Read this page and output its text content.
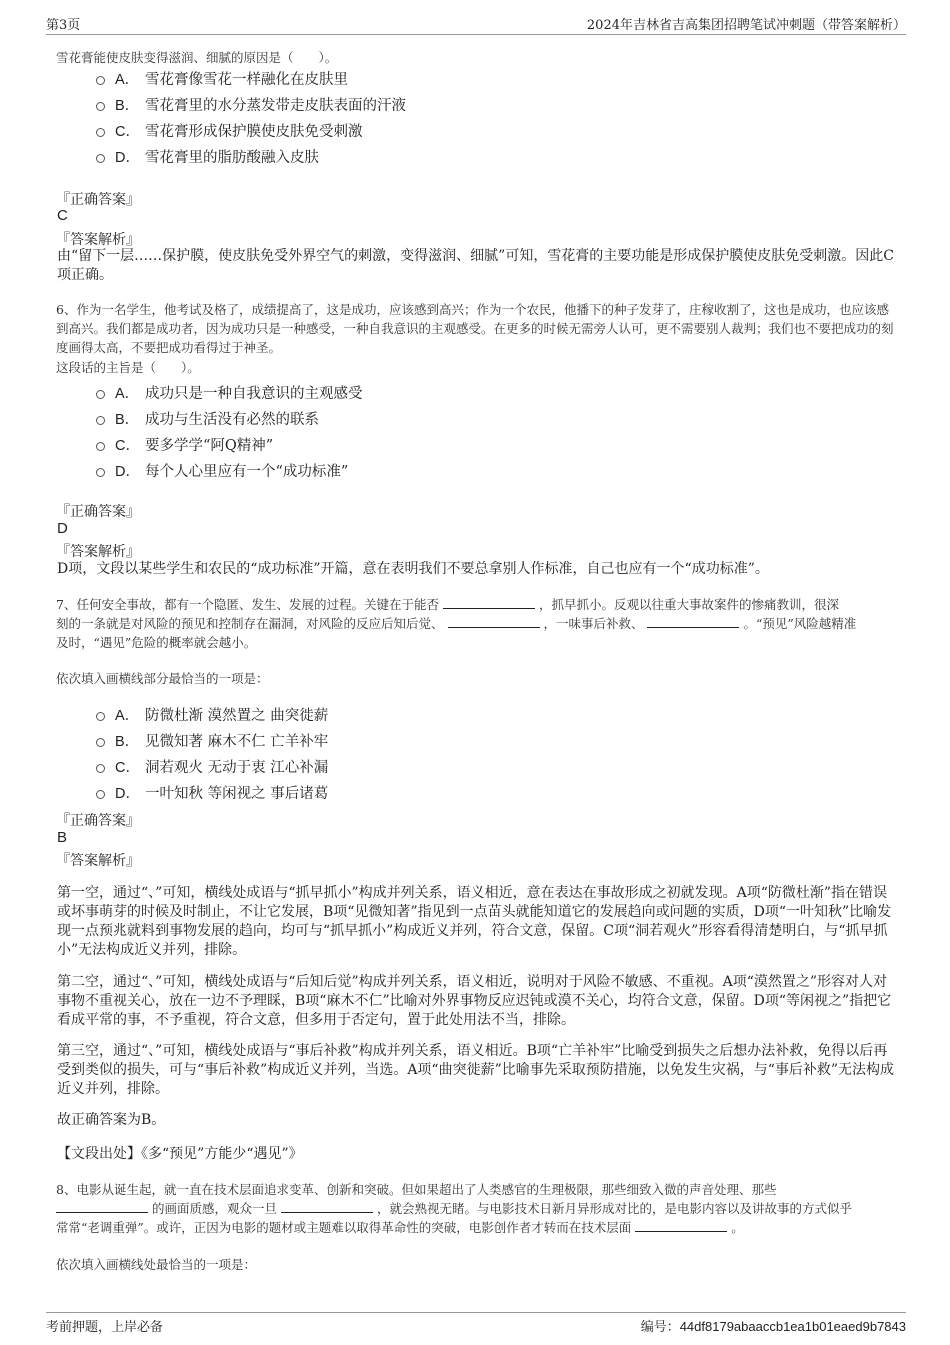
第3页	2024年吉林省吉高集团招聘笔试冲刺题（带答案解析）
雪花膏能使皮肤变得滋润、细腻的原因是（　　）。
A． 雪花膏像雪花一样融化在皮肤里
B． 雪花膏里的水分蒸发带走皮肤表面的汗液
C． 雪花膏形成保护膜使皮肤免受刺激
D． 雪花膏里的脂肪酸融入皮肤
『正确答案』
C
『答案解析』
由“留下一层……保护膜，使皮肤免受外界空气的刺激，变得滋润、细腻”可知，雪花膏的主要功能是形成保护膜使皮肤免受刺激。因此C项正确。
6、作为一名学生，他考试及格了，成绩提高了，这是成功，应该感到高兴；作为一个农民，他播下的种子发芽了，庄稼收割了，这也是成功，也应该感到高兴。我们都是成功者，因为成功只是一种感受，一种自我意识的主观感受。在更多的时候无需旁人认可，更不需要别人裁判；我们也不要把成功的刻度画得太高，不要把成功看得过于神圣。
这段话的主旨是（　　）。
A． 成功只是一种自我意识的主观感受
B． 成功与生活没有必然的联系
C． 要多学学“阿Q精神”
D． 每个人心里应有一个“成功标准”
『正确答案』
D
『答案解析』
D项，文段以某些学生和农民的“成功标准”开篇，意在表明我们不要总拿别人作标准，自己也应有一个“成功标准”。
7、任何安全事故，都有一个隐匿、发生、发展的过程。关键在于能否	，抓早抓小。反观以往重大事故案件的惨痛教训，很深
刻的一条就是对风险的预见和控制存在漏洞，对风险的反应后知后觉、	，一味事后补救、	。“预见”风险越精准
及时，“遇见”危险的概率就会越小。
依次填入画横线部分最恰当的一项是：
A． 防微杜渐 漠然置之 曲突徙薪
B． 见微知著 麻木不仁 亡羊补牢
C． 洞若观火 无动于衷 江心补漏
D． 一叶知秋 等闲视之 事后诸葛
『正确答案』
B
『答案解析』
第一空，通过“、”可知，横线处成语与“抓早抓小”构成并列关系，语义相近，意在表达在事故形成之初就发现。A项“防微杜渐”指在错误或坏事萌芽的时候及时制止，不让它发展，B项“见微知著”指见到一点苗头就能知道它的发展趋向或问题的实质，D项“一叶知秋”比喻发现一点预兆就料到事物发展的趋向，均可与“抓早抓小”构成近义并列，符合文意，保留。C项“洞若观火”形容看得清楚明白，与“抓早抓小”无法构成近义并列，排除。
第二空，通过“、”可知，横线处成语与“后知后觉”构成并列关系，语义相近，说明对于风险不敏感、不重视。A项“漠然置之”形容对人对事物不重视关心，放在一边不予理睬，B项“麻木不仁”比喻对外界事物反应迟钝或漠不关心，均符合文意，保留。D项“等闲视之”指把它看成平常的事，不予重视，符合文意，但多用于否定句，置于此处用法不当，排除。
第三空，通过“、”可知，横线处成语与“事后补救”构成并列关系，语义相近。B项“亡羊补牢”比喻受到损失之后想办法补救，免得以后再受到类似的损失，可与“事后补救”构成近义并列，当选。A项“曲突徙薪”比喻事先采取预防措施，以免发生灾祸，与“事后补救”无法构成近义并列，排除。
故正确答案为B。
【文段出处】《多“预见”方能少“遇见”》
8、电影从诞生起，就一直在技术层面追求变革、创新和突破。但如果超出了人类感官的生理极限，那些细致入微的声音处理、那些
的画面质感，观众一旦	，就会熟视无睹。与电影技术日新月异形成对比的，是电影内容以及讲故事的方式似乎
常常“老调重弹”。或许，正因为电影的题材或主题难以取得革命性的突破，电影创作者才转而在技术层面	。
依次填入画横线处最恰当的一项是：
考前押题，上岸必备	编号：44df8179abaaccb1ea1b01eaed9b7843
